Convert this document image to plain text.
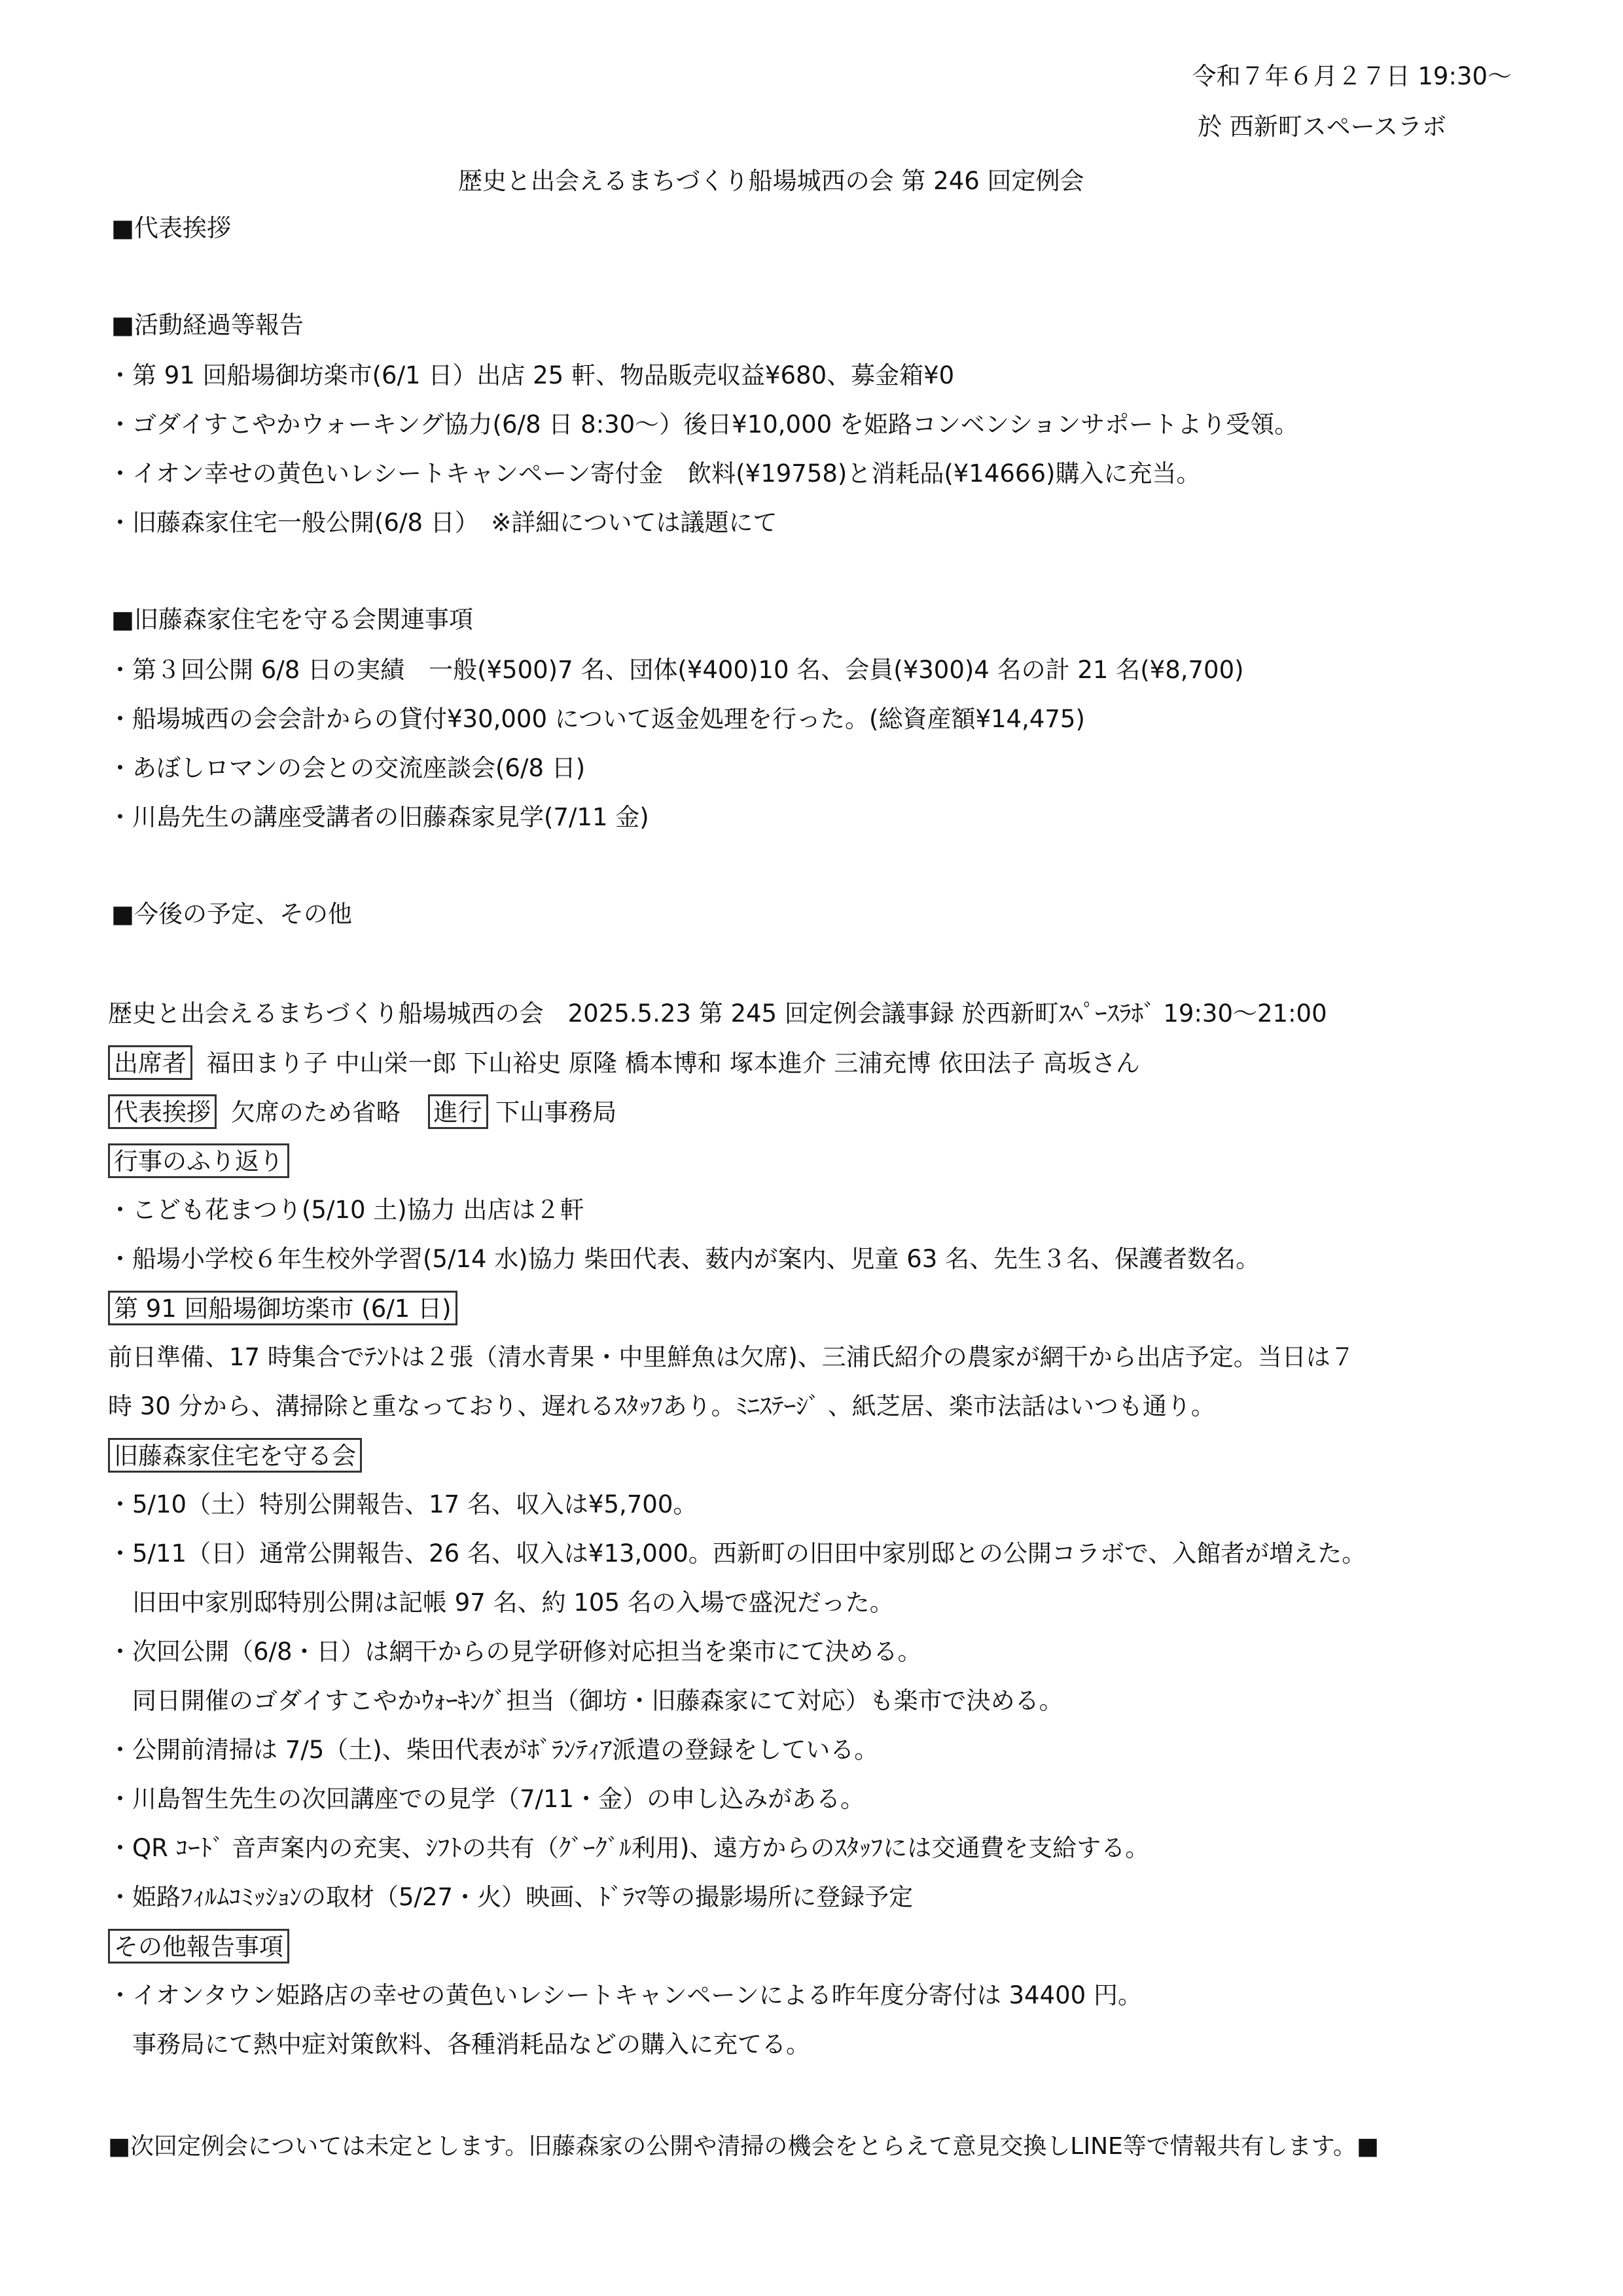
令和７年６月２７日 19:30〜
於 西新町スペースラボ
歴史と出会えるまちづくり船場城西の会 第 246 回定例会
■ 代表挨拶
■ 活動経過等報告
・第 91 回船場御坊楽市(6/1 日）出店 25 軒、物品販売収益¥680、募金箱¥0
・ゴダイすこやかウォーキング協力(6/8 日 8:30〜）後日¥10,000 を姫路コンベンションサポートより受領。
・イオン幸せの黄色いレシートキャンペーン寄付金　飲料(¥19758)と消耗品(¥14666)購入に充当。
・旧藤森家住宅一般公開(6/8 日）　※詳細については議題にて
■ 旧藤森家住宅を守る会関連事項
・第３回公開 6/8 日の実績　一般(¥500)7 名、団体(¥400)10 名、会員(¥300)4 名の計 21 名(¥8,700)
・船場城西の会会計からの貸付¥30,000 について返金処理を行った。(総資産額¥14,475)
・あぼしロマンの会との交流座談会(6/8 日)
・川島先生の講座受講者の旧藤森家見学(7/11 金)
■ 今後の予定、その他
歴史と出会えるまちづくり船場城西の会　2025.5.23 第 245 回定例会議事録 於西新町ｽﾍﾟｰｽﾗﾎﾞ 19:30〜21:00
出席者 福田まり子 中山栄一郎 下山裕史 原隆 橋本博和 塚本進介 三浦充博 依田法子 高坂さん
代表挨拶 欠席のため省略 進行 下山事務局
行事のふり返り
・こども花まつり(5/10 土)協力 出店は２軒
・船場小学校６年生校外学習(5/14 水)協力 柴田代表、薮内が案内、児童 63 名、先生３名、保護者数名。
第 91 回船場御坊楽市 (6/1 日)
前日準備、17 時集合でﾃﾝﾄは２張（清水青果・中里鮮魚は欠席)、三浦氏紹介の農家が網干から出店予定。当日は７
時 30 分から、溝掃除と重なっており、遅れるｽﾀｯﾌあり。ﾐﾆｽﾃｰｼﾞ 、紙芝居、楽市法話はいつも通り。
旧藤森家住宅を守る会
・5/10（土）特別公開報告、17 名、収入は¥5,700。
・5/11（日）通常公開報告、26 名、収入は¥13,000。西新町の旧田中家別邸との公開コラボで、入館者が増えた。
　旧田中家別邸特別公開は記帳 97 名、約 105 名の入場で盛況だった。
・次回公開（6/8・日）は網干からの見学研修対応担当を楽市にて決める。
　同日開催のゴダイすこやかｳｫｰｷﾝｸﾞ担当（御坊・旧藤森家にて対応）も楽市で決める。
・公開前清掃は 7/5（土)、柴田代表がﾎﾞﾗﾝﾃｨｱ派遣の登録をしている。
・川島智生先生の次回講座での見学（7/11・金）の申し込みがある。
・QR ｺｰﾄﾞ 音声案内の充実、ｼﾌﾄの共有（ｸﾞｰｸﾞﾙ利用)、遠方からのｽﾀｯﾌには交通費を支給する。
・姫路ﾌｨﾙﾑｺﾐｯｼｮﾝの取材（5/27・火）映画、ﾄﾞﾗﾏ等の撮影場所に登録予定
その他報告事項
・イオンタウン姫路店の幸せの黄色いレシートキャンペーンによる昨年度分寄付は 34400 円。
　事務局にて熱中症対策飲料、各種消耗品などの購入に充てる。
■次回定例会については未定とします。旧藤森家の公開や清掃の機会をとらえて意見交換しLINE等で情報共有します。■
